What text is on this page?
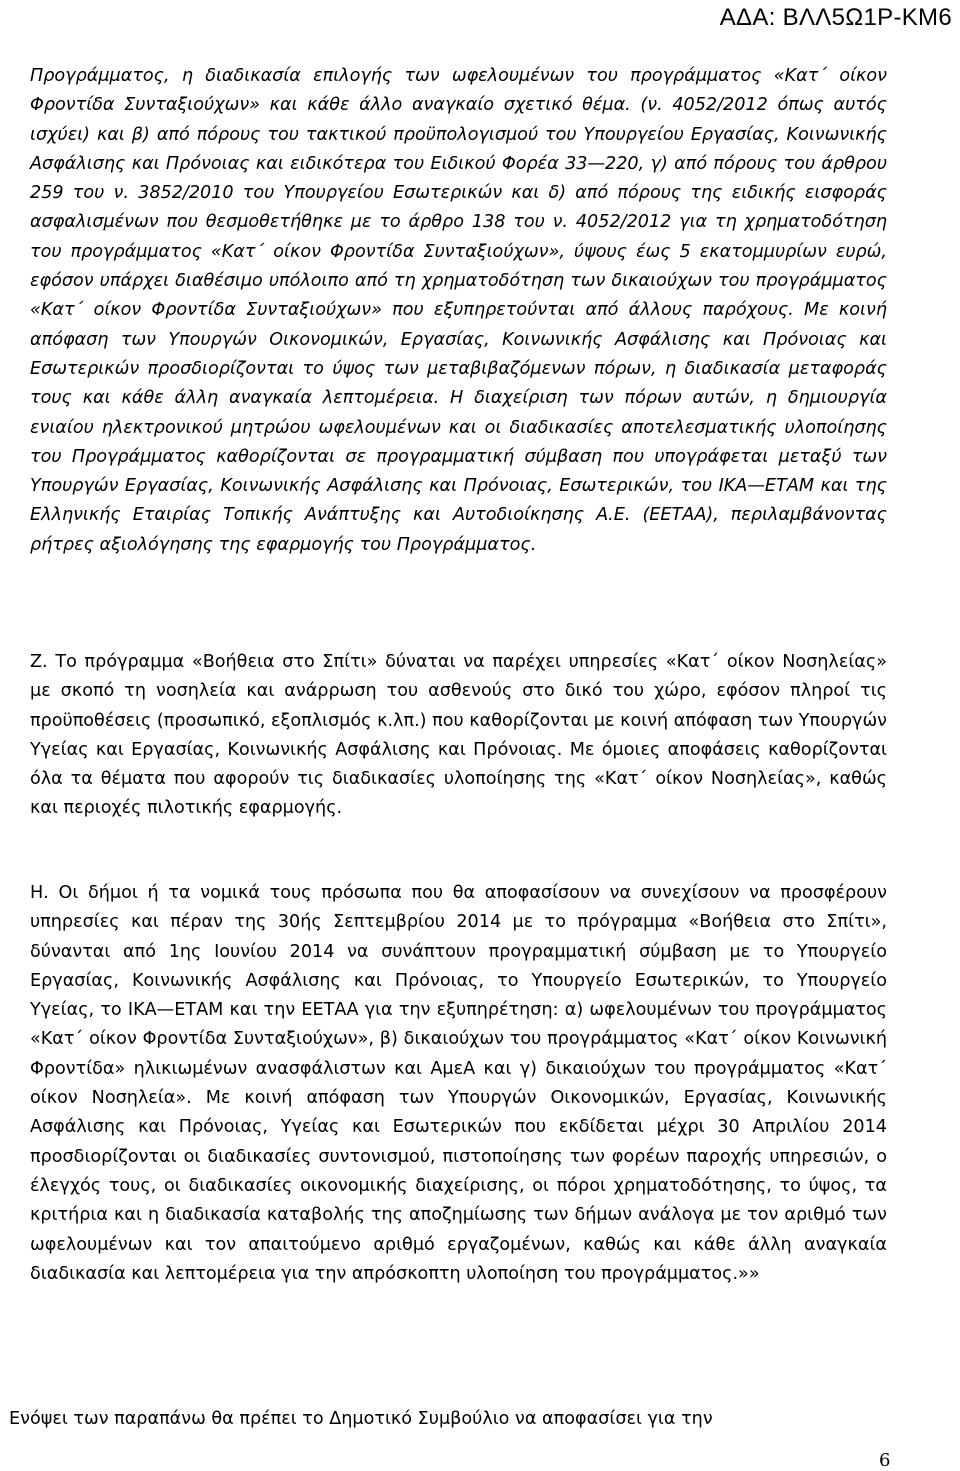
ΑΔΑ: ΒΛΛ5Ω1Ρ-ΚΜ6

Προγράμματος, η διαδικασία επιλογής των ωφελουμένων του προγράμματος «Κατ΄ οίκον Φροντίδα Συνταξιούχων» και κάθε άλλο αναγκαίο σχετικό θέμα. (ν. 4052/2012 όπως αυτός ισχύει) και β) από πόρους του τακτικού προϋπολογισμού του Υπουργείου Εργασίας, Κοινωνικής Ασφάλισης και Πρόνοιας και ειδικότερα του Ειδικού Φορέα 33—220, γ) από πόρους του άρθρου 259 του ν. 3852/2010 του Υπουργείου Εσωτερικών και δ) από πόρους της ειδικής εισφοράς ασφαλισμένων που θεσμοθετήθηκε με το άρθρο 138 του ν. 4052/2012 για τη χρηματοδότηση του προγράμματος «Κατ΄ οίκον Φροντίδα Συνταξιούχων», ύψους έως 5 εκατομμυρίων ευρώ, εφόσον υπάρχει διαθέσιμο υπόλοιπο από τη χρηματοδότηση των δικαιούχων του προγράμματος «Κατ΄ οίκον Φροντίδα Συνταξιούχων» που εξυπηρετούνται από άλλους παρόχους. Με κοινή απόφαση των Υπουργών Οικονομικών, Εργασίας, Κοινωνικής Ασφάλισης και Πρόνοιας και Εσωτερικών προσδιορίζονται το ύψος των μεταβιβαζόμενων πόρων, η διαδικασία μεταφοράς τους και κάθε άλλη αναγκαία λεπτομέρεια. Η διαχείριση των πόρων αυτών, η δημιουργία ενιαίου ηλεκτρονικού μητρώου ωφελουμένων και οι διαδικασίες αποτελεσματικής υλοποίησης του Προγράμματος καθορίζονται σε προγραμματική σύμβαση που υπογράφεται μεταξύ των Υπουργών Εργασίας, Κοινωνικής Ασφάλισης και Πρόνοιας, Εσωτερικών, του ΙΚΑ—ΕΤΑΜ και της Ελληνικής Εταιρίας Τοπικής Ανάπτυξης και Αυτοδιοίκησης Α.Ε. (ΕΕΤΑΑ), περιλαμβάνοντας ρήτρες αξιολόγησης της εφαρμογής του Προγράμματος.

Ζ. Το πρόγραμμα «Βοήθεια στο Σπίτι» δύναται να παρέχει υπηρεσίες «Κατ΄ οίκον Νοσηλείας» με σκοπό τη νοσηλεία και ανάρρωση του ασθενούς στο δικό του χώρο, εφόσον πληροί τις προϋποθέσεις (προσωπικό, εξοπλισμός κ.λπ.) που καθορίζονται με κοινή απόφαση των Υπουργών Υγείας και Εργασίας, Κοινωνικής Ασφάλισης και Πρόνοιας. Με όμοιες αποφάσεις καθορίζονται όλα τα θέματα που αφορούν τις διαδικασίες υλοποίησης της «Κατ΄ οίκον Νοσηλείας», καθώς και περιοχές πιλοτικής εφαρμογής.

Η. Οι δήμοι ή τα νομικά τους πρόσωπα που θα αποφασίσουν να συνεχίσουν να προσφέρουν υπηρεσίες και πέραν της 30ής Σεπτεμβρίου 2014 με το πρόγραμμα «Βοήθεια στο Σπίτι», δύνανται από 1ης Ιουνίου 2014 να συνάπτουν προγραμματική σύμβαση με το Υπουργείο Εργασίας, Κοινωνικής Ασφάλισης και Πρόνοιας, το Υπουργείο Εσωτερικών, το Υπουργείο Υγείας, το ΙΚΑ—ΕΤΑΜ και την ΕΕΤΑΑ για την εξυπηρέτηση: α) ωφελουμένων του προγράμματος «Κατ΄ οίκον Φροντίδα Συνταξιούχων», β) δικαιούχων του προγράμματος «Κατ΄ οίκον Κοινωνική Φροντίδα» ηλικιωμένων ανασφάλιστων και ΑμεΑ και γ) δικαιούχων του προγράμματος «Κατ΄ οίκον Νοσηλεία». Με κοινή απόφαση των Υπουργών Οικονομικών, Εργασίας, Κοινωνικής Ασφάλισης και Πρόνοιας, Υγείας και Εσωτερικών που εκδίδεται μέχρι 30 Απριλίου 2014 προσδιορίζονται οι διαδικασίες συντονισμού, πιστοποίησης των φορέων παροχής υπηρεσιών, ο έλεγχός τους, οι διαδικασίες οικονομικής διαχείρισης, οι πόροι χρηματοδότησης, το ύψος, τα κριτήρια και η διαδικασία καταβολής της αποζημίωσης των δήμων ανάλογα με τον αριθμό των ωφελουμένων και τον απαιτούμενο αριθμό εργαζομένων, καθώς και κάθε άλλη αναγκαία διαδικασία και λεπτομέρεια για την απρόσκοπτη υλοποίηση του προγράμματος.»»

Ενόψει των παραπάνω θα πρέπει το Δημοτικό Συμβούλιο να αποφασίσει για την
6
